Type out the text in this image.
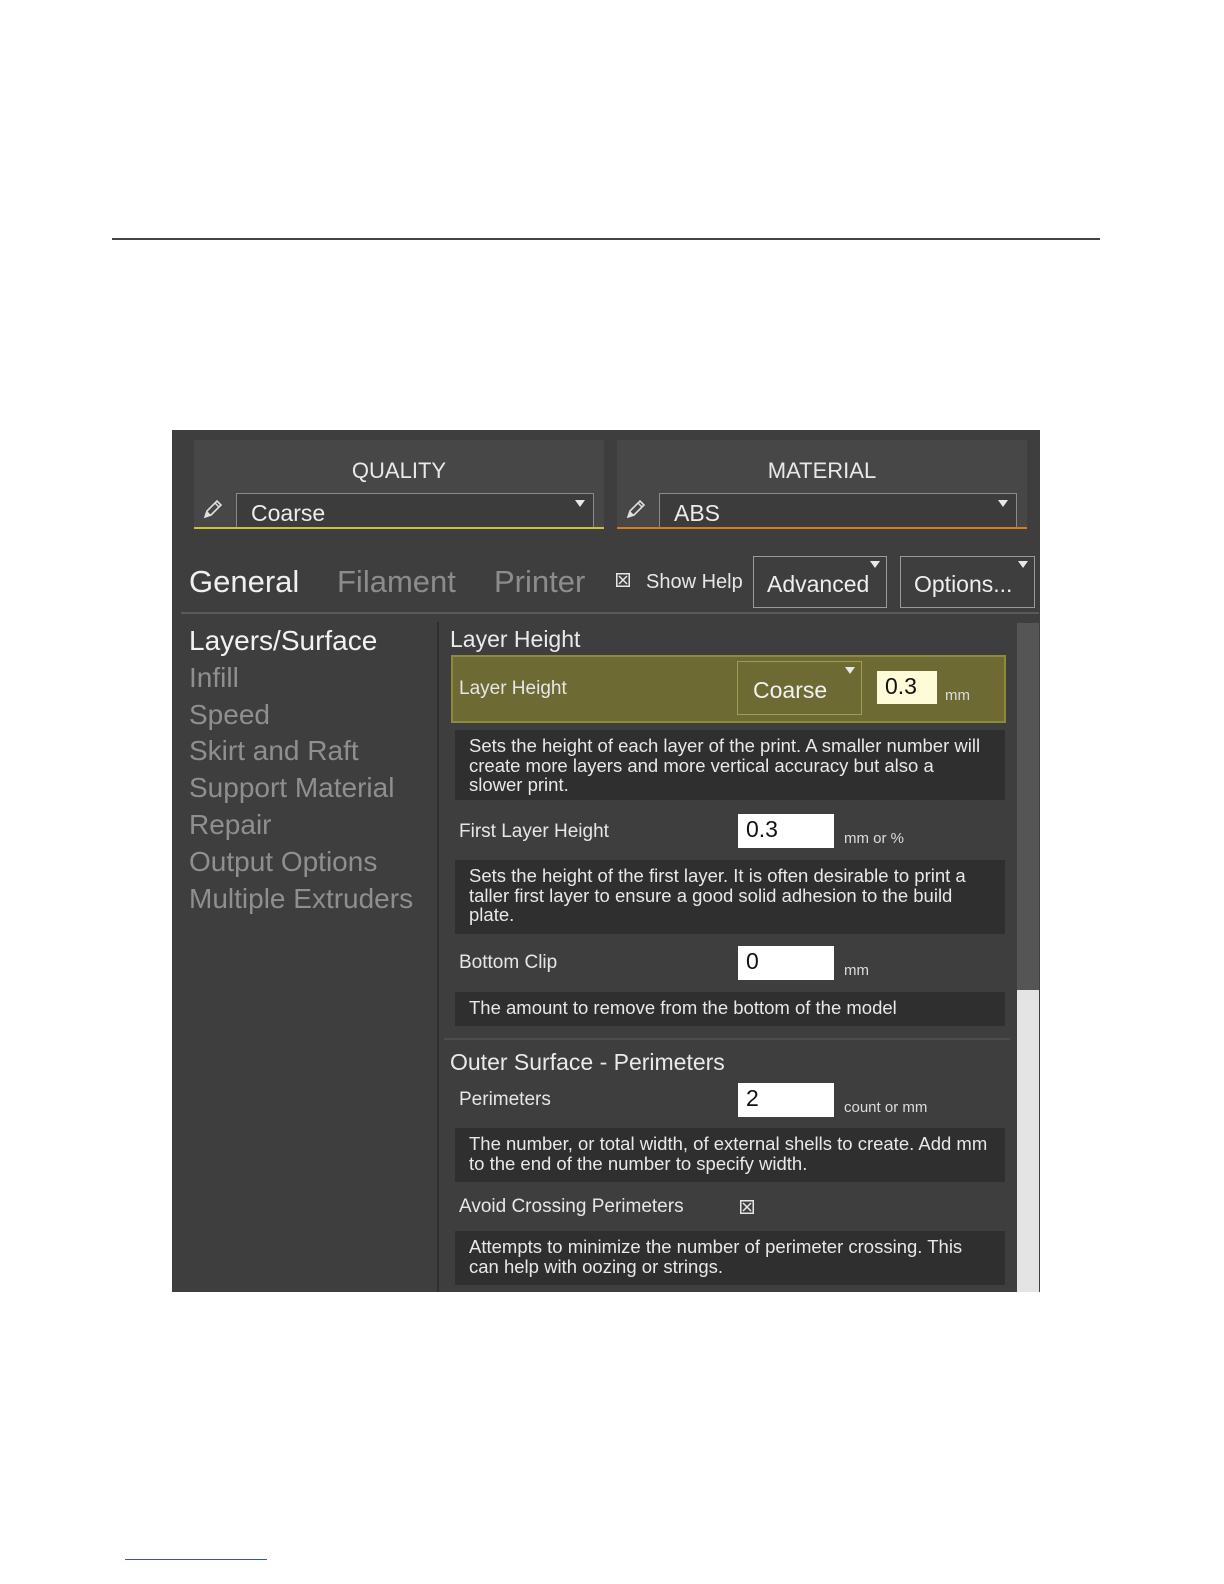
QUALITY
Coarse
MATERIAL
ABS
General Filament Printer	Show Help Advanced Options...
Layers/Surface
Infill
Speed
Skirt and Raft
Support Material
Repair
Output Options
Multiple Extruders
Layer Height
Layer Height	Coarse	0.3 mm
Sets the height of each layer of the print. A smaller number will create more layers and more vertical accuracy but also a slower print.
First Layer Height	0.3	mm or %
Sets the height of the first layer. It is often desirable to print a taller first layer to ensure a good solid adhesion to the build plate.
Bottom Clip	0	mm
The amount to remove from the bottom of the model
Outer Surface - Perimeters
Perimeters	2	count or mm
The number, or total width, of external shells to create. Add mm to the end of the number to specify width.
Avoid Crossing Perimeters
Attempts to minimize the number of perimeter crossing. This can help with oozing or strings.
